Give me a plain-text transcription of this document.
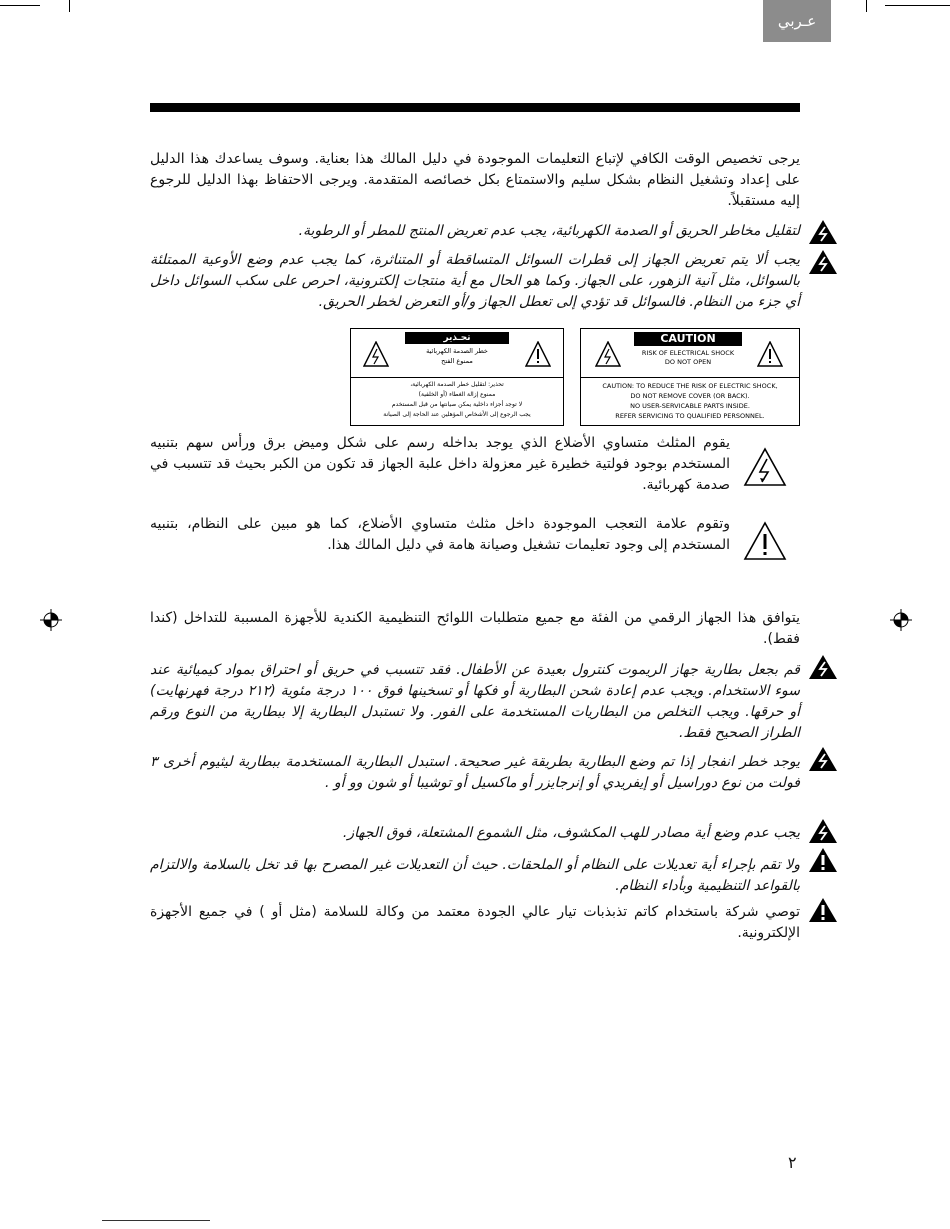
عـربي

يرجى تخصيص الوقت الكافي لإتباع التعليمات الموجودة في دليل المالك هذا بعناية. وسوف يساعدك هذا الدليل على إعداد وتشغيل النظام بشكل سليم والاستمتاع بكل خصائصه المتقدمة. ويرجى الاحتفاظ بهذا الدليل للرجوع إليه مستقبلاً.

لتقليل مخاطر الحريق أو الصدمة الكهربائية، يجب عدم تعريض المنتج للمطر أو الرطوبة.

يجب ألا يتم تعريض الجهاز إلى قطرات السوائل المتساقطة أو المتناثرة، كما يجب عدم وضع الأوعية الممتلئة بالسوائل، مثل آنية الزهور، على الجهاز. وكما هو الحال مع أية منتجات إلكترونية، احرص على سكب السوائل داخل أي جزء من النظام. فالسوائل قد تؤدي إلى تعطل الجهاز و/أو التعرض لخطر الحريق.

تحـذير
خطر الصدمة الكهربائية
ممنوع الفتح
تحذير: لتقليل خطر الصدمة الكهربائية،
ممنوع إزالة الغطاء (أو الخلفية)
لا توجد أجزاء داخلية يمكن صيانتها من قبل المستخدم
يجب الرجوع إلى الأشخاص المؤهلين عند الحاجة إلى الصيانة
CAUTION
RISK OF ELECTRICAL SHOCK
DO NOT OPEN
CAUTION: TO REDUCE THE RISK OF ELECTRIC SHOCK,
DO NOT REMOVE COVER (OR BACK).
NO USER-SERVICABLE PARTS INSIDE.
REFER SERVICING TO QUALIFIED PERSONNEL.

يقوم المثلث متساوي الأضلاع الذي يوجد بداخله رسم على شكل وميض برق ورأس سهم بتنبيه المستخدم بوجود فولتية خطيرة غير معزولة داخل علبة الجهاز قد تكون من الكبر بحيث قد تتسبب في صدمة كهربائية.

وتقوم علامة التعجب الموجودة داخل مثلث متساوي الأضلاع، كما هو مبين على النظام، بتنبيه المستخدم إلى وجود تعليمات تشغيل وصيانة هامة في دليل المالك هذا.

يتوافق هذا الجهاز الرقمي من الفئة مع جميع متطلبات اللوائح التنظيمية الكندية للأجهزة المسببة للتداخل (كندا فقط).

قم بجعل بطارية جهاز الريموت كنترول بعيدة عن الأطفال. فقد تتسبب في حريق أو احتراق بمواد كيميائية عند سوء الاستخدام. ويجب عدم إعادة شحن البطارية أو فكها أو تسخينها فوق ١٠٠ درجة مئوية (٢١٢ درجة فهرنهايت) أو حرقها. ويجب التخلص من البطاريات المستخدمة على الفور. ولا تستبدل البطارية إلا ببطارية من النوع ورقم الطراز الصحيح فقط.

يوجد خطر انفجار إذا تم وضع البطارية بطريقة غير صحيحة. استبدل البطارية المستخدمة ببطارية ليثيوم أخرى ٣ فولت من نوع دوراسيل أو إيفريدي أو إنرجايزر أو ماكسيل أو توشيبا أو شون وو أو .

يجب عدم وضع أية مصادر للهب المكشوف، مثل الشموع المشتعلة، فوق الجهاز.

ولا تقم بإجراء أية تعديلات على النظام أو الملحقات. حيث أن التعديلات غير المصرح بها قد تخل بالسلامة والالتزام بالقواعد التنظيمية وبأداء النظام.

توصي شركة باستخدام كاتم تذبذبات تيار عالي الجودة معتمد من وكالة للسلامة (مثل أو ) في جميع الأجهزة الإلكترونية.

٢
